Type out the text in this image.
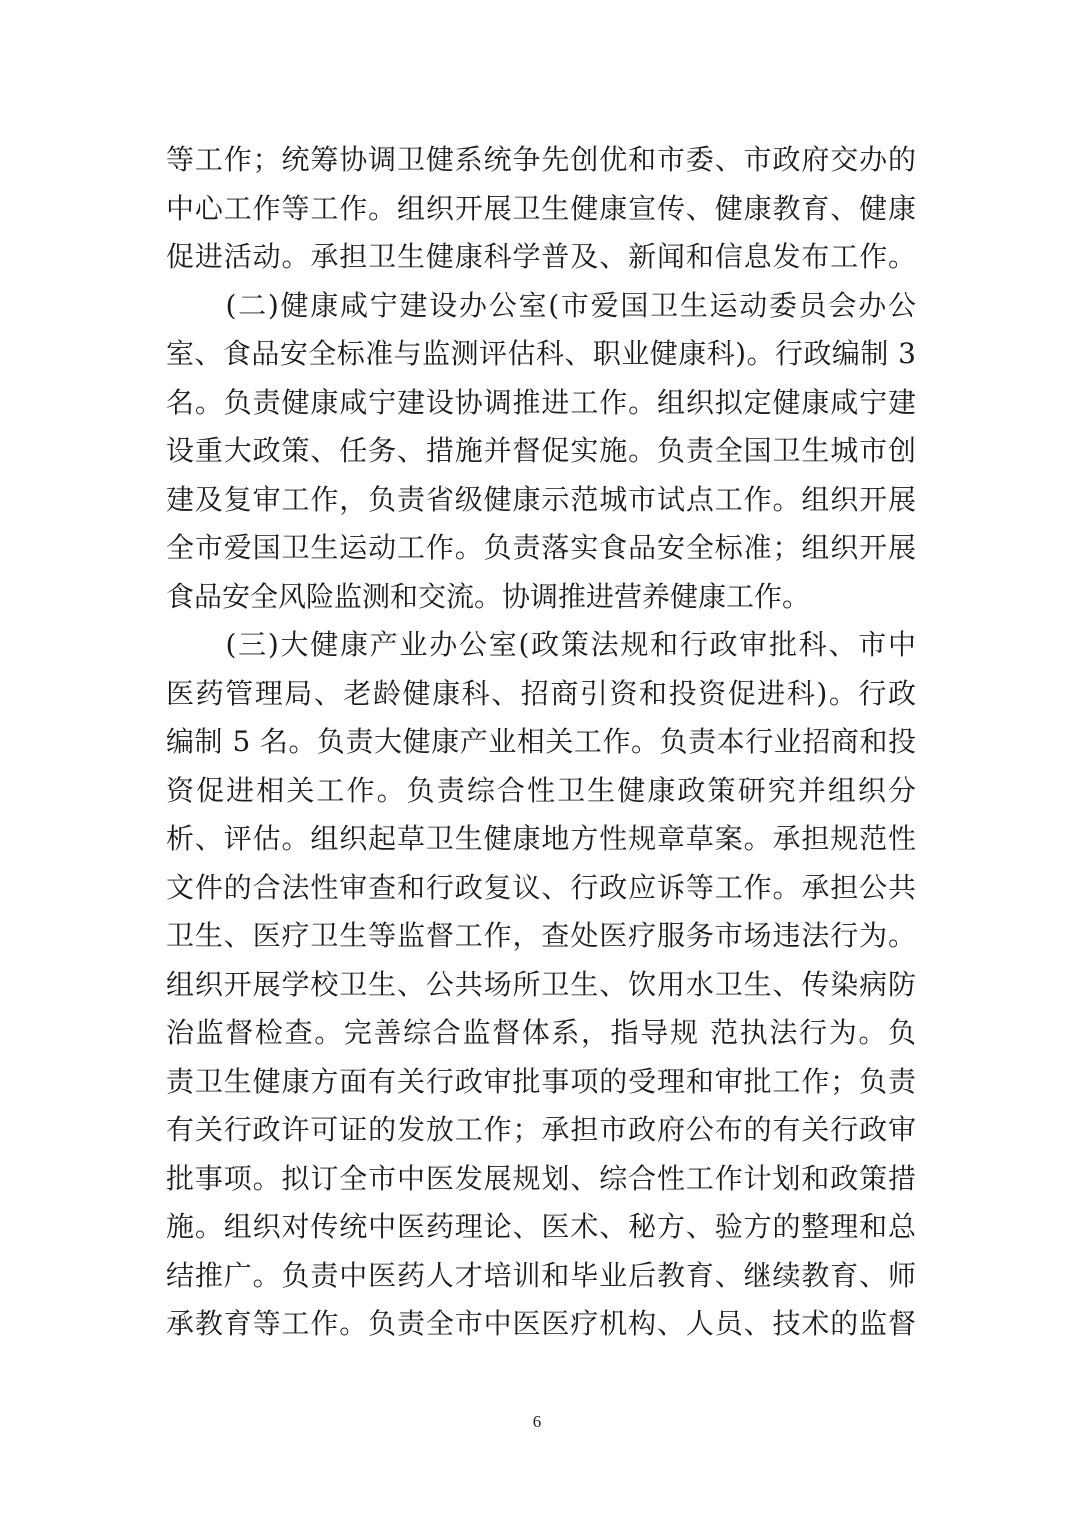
等工作；统筹协调卫健系统争先创优和市委、市政府交办的
中心工作等工作。组织开展卫生健康宣传、健康教育、健康
促进活动。承担卫生健康科学普及、新闻和信息发布工作。
　　(二)健康咸宁建设办公室(市爱国卫生运动委员会办公
室、食品安全标准与监测评估科、职业健康科)。行政编制 3
名。负责健康咸宁建设协调推进工作。组织拟定健康咸宁建
设重大政策、任务、措施并督促实施。负责全国卫生城市创
建及复审工作，负责省级健康示范城市试点工作。组织开展
全市爱国卫生运动工作。负责落实食品安全标准；组织开展
食品安全风险监测和交流。协调推进营养健康工作。
　　(三)大健康产业办公室(政策法规和行政审批科、市中
医药管理局、老龄健康科、招商引资和投资促进科)。行政
编制 5 名。负责大健康产业相关工作。负责本行业招商和投
资促进相关工作。负责综合性卫生健康政策研究并组织分
析、评估。组织起草卫生健康地方性规章草案。承担规范性
文件的合法性审查和行政复议、行政应诉等工作。承担公共
卫生、医疗卫生等监督工作，查处医疗服务市场违法行为。
组织开展学校卫生、公共场所卫生、饮用水卫生、传染病防
治监督检查。完善综合监督体系，指导规 范执法行为。负
责卫生健康方面有关行政审批事项的受理和审批工作；负责
有关行政许可证的发放工作；承担市政府公布的有关行政审
批事项。拟订全市中医发展规划、综合性工作计划和政策措
施。组织对传统中医药理论、医术、秘方、验方的整理和总
结推广。负责中医药人才培训和毕业后教育、继续教育、师
承教育等工作。负责全市中医医疗机构、人员、技术的监督
6
